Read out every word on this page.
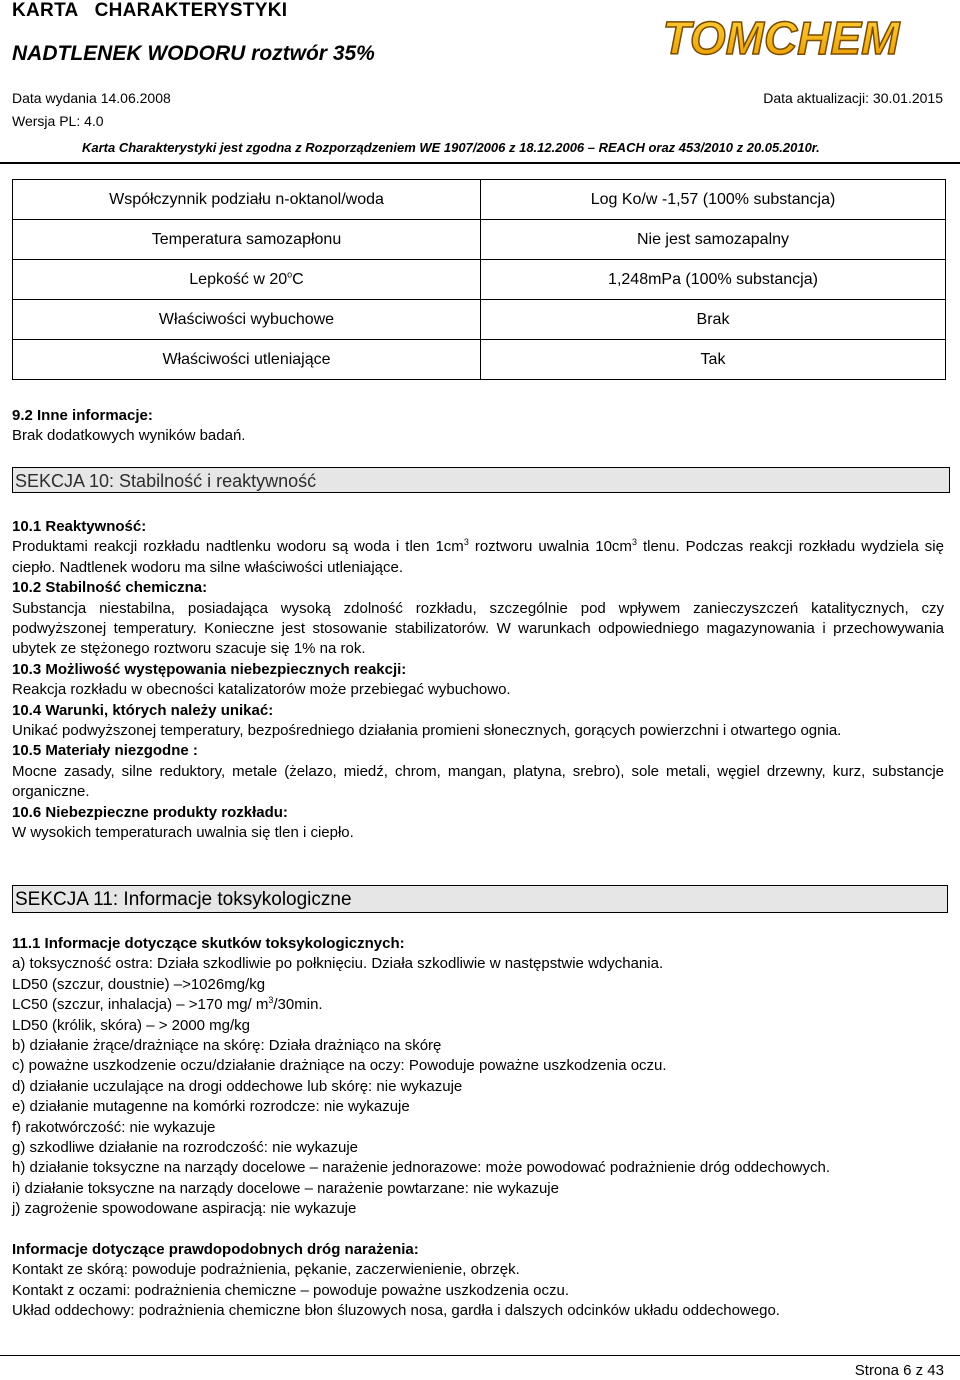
KARTA   CHARAKTERYSTYKI
NADTLENEK WODORU roztwór 35%	TOMCHEM
Data wydania 14.06.2008	Data aktualizacji: 30.01.2015
Wersja PL: 4.0
Karta Charakterystyki jest zgodna z Rozporządzeniem WE 1907/2006 z 18.12.2006 – REACH oraz 453/2010 z 20.05.2010r.
Współczynnik podziału n-oktanol/woda	Log Ko/w -1,57 (100% substancja)
Temperatura samozapłonu	Nie jest samozapalny
Lepkość w 20$^o$C	1,248mPa (100% substancja)
Właściwości wybuchowe	Brak
Właściwości utleniające	Tak
9.2 Inne informacje:
Brak dodatkowych wyników badań.
SEKCJA 10: Stabilność i reaktywność
10.1 Reaktywność:
Produktami reakcji rozkładu nadtlenku wodoru są woda i tlen $1cm^3$ roztworu uwalnia $10cm^3$ tlenu. Podczas reakcji rozkładu wydziela się ciepło. Nadtlenek wodoru ma silne właściwości utleniające.
10.2 Stabilność chemiczna:
Substancja niestabilna, posiadająca wysoką zdolność rozkładu, szczególnie pod wpływem zanieczyszczeń katalitycznych, czy podwyższonej temperatury. Konieczne jest stosowanie stabilizatorów. W warunkach odpowiedniego magazynowania i przechowywania ubytek ze stężonego roztworu szacuje się 1% na rok.
10.3 Możliwość występowania niebezpiecznych reakcji:
Reakcja rozkładu w obecności katalizatorów może przebiegać wybuchowo.
10.4 Warunki, których należy unikać:
Unikać podwyższonej temperatury, bezpośredniego działania promieni słonecznych, gorących powierzchni i otwartego ognia.
10.5 Materiały niezgodne :
Mocne zasady, silne reduktory, metale (żelazo, miedź, chrom, mangan, platyna, srebro), sole metali, węgiel drzewny, kurz, substancje organiczne.
10.6 Niebezpieczne produkty rozkładu:
W wysokich temperaturach uwalnia się tlen i ciepło.
SEKCJA 11: Informacje toksykologiczne
11.1 Informacje dotyczące skutków toksykologicznych:
a) toksyczność ostra: Działa szkodliwie po połknięciu. Działa szkodliwie w następstwie wdychania.
LD50 (szczur, doustnie) –>1026mg/kg
LC50 (szczur, inhalacja) – >170 mg/ $m^3/30\min$.
LD50 (królik, skóra) – > 2000 mg/kg
b) działanie żrące/drażniące na skórę: Działa drażniąco na skórę
c) poważne uszkodzenie oczu/działanie drażniące na oczy: Powoduje poważne uszkodzenia oczu.
d) działanie uczulające na drogi oddechowe lub skórę: nie wykazuje
e) działanie mutagenne na komórki rozrodcze: nie wykazuje
f) rakotwórczość: nie wykazuje
g) szkodliwe działanie na rozrodczość: nie wykazuje
h) działanie toksyczne na narządy docelowe – narażenie jednorazowe: może powodować podrażnienie dróg oddechowych.
i) działanie toksyczne na narządy docelowe – narażenie powtarzane: nie wykazuje
j) zagrożenie spowodowane aspiracją: nie wykazuje
Informacje dotyczące prawdopodobnych dróg narażenia:
Kontakt ze skórą: powoduje podrażnienia, pękanie, zaczerwienienie, obrzęk.
Kontakt z oczami: podrażnienia chemiczne – powoduje poważne uszkodzenia oczu.
Układ oddechowy: podrażnienia chemiczne błon śluzowych nosa, gardła i dalszych odcinków układu oddechowego.
Strona 6 z 43
